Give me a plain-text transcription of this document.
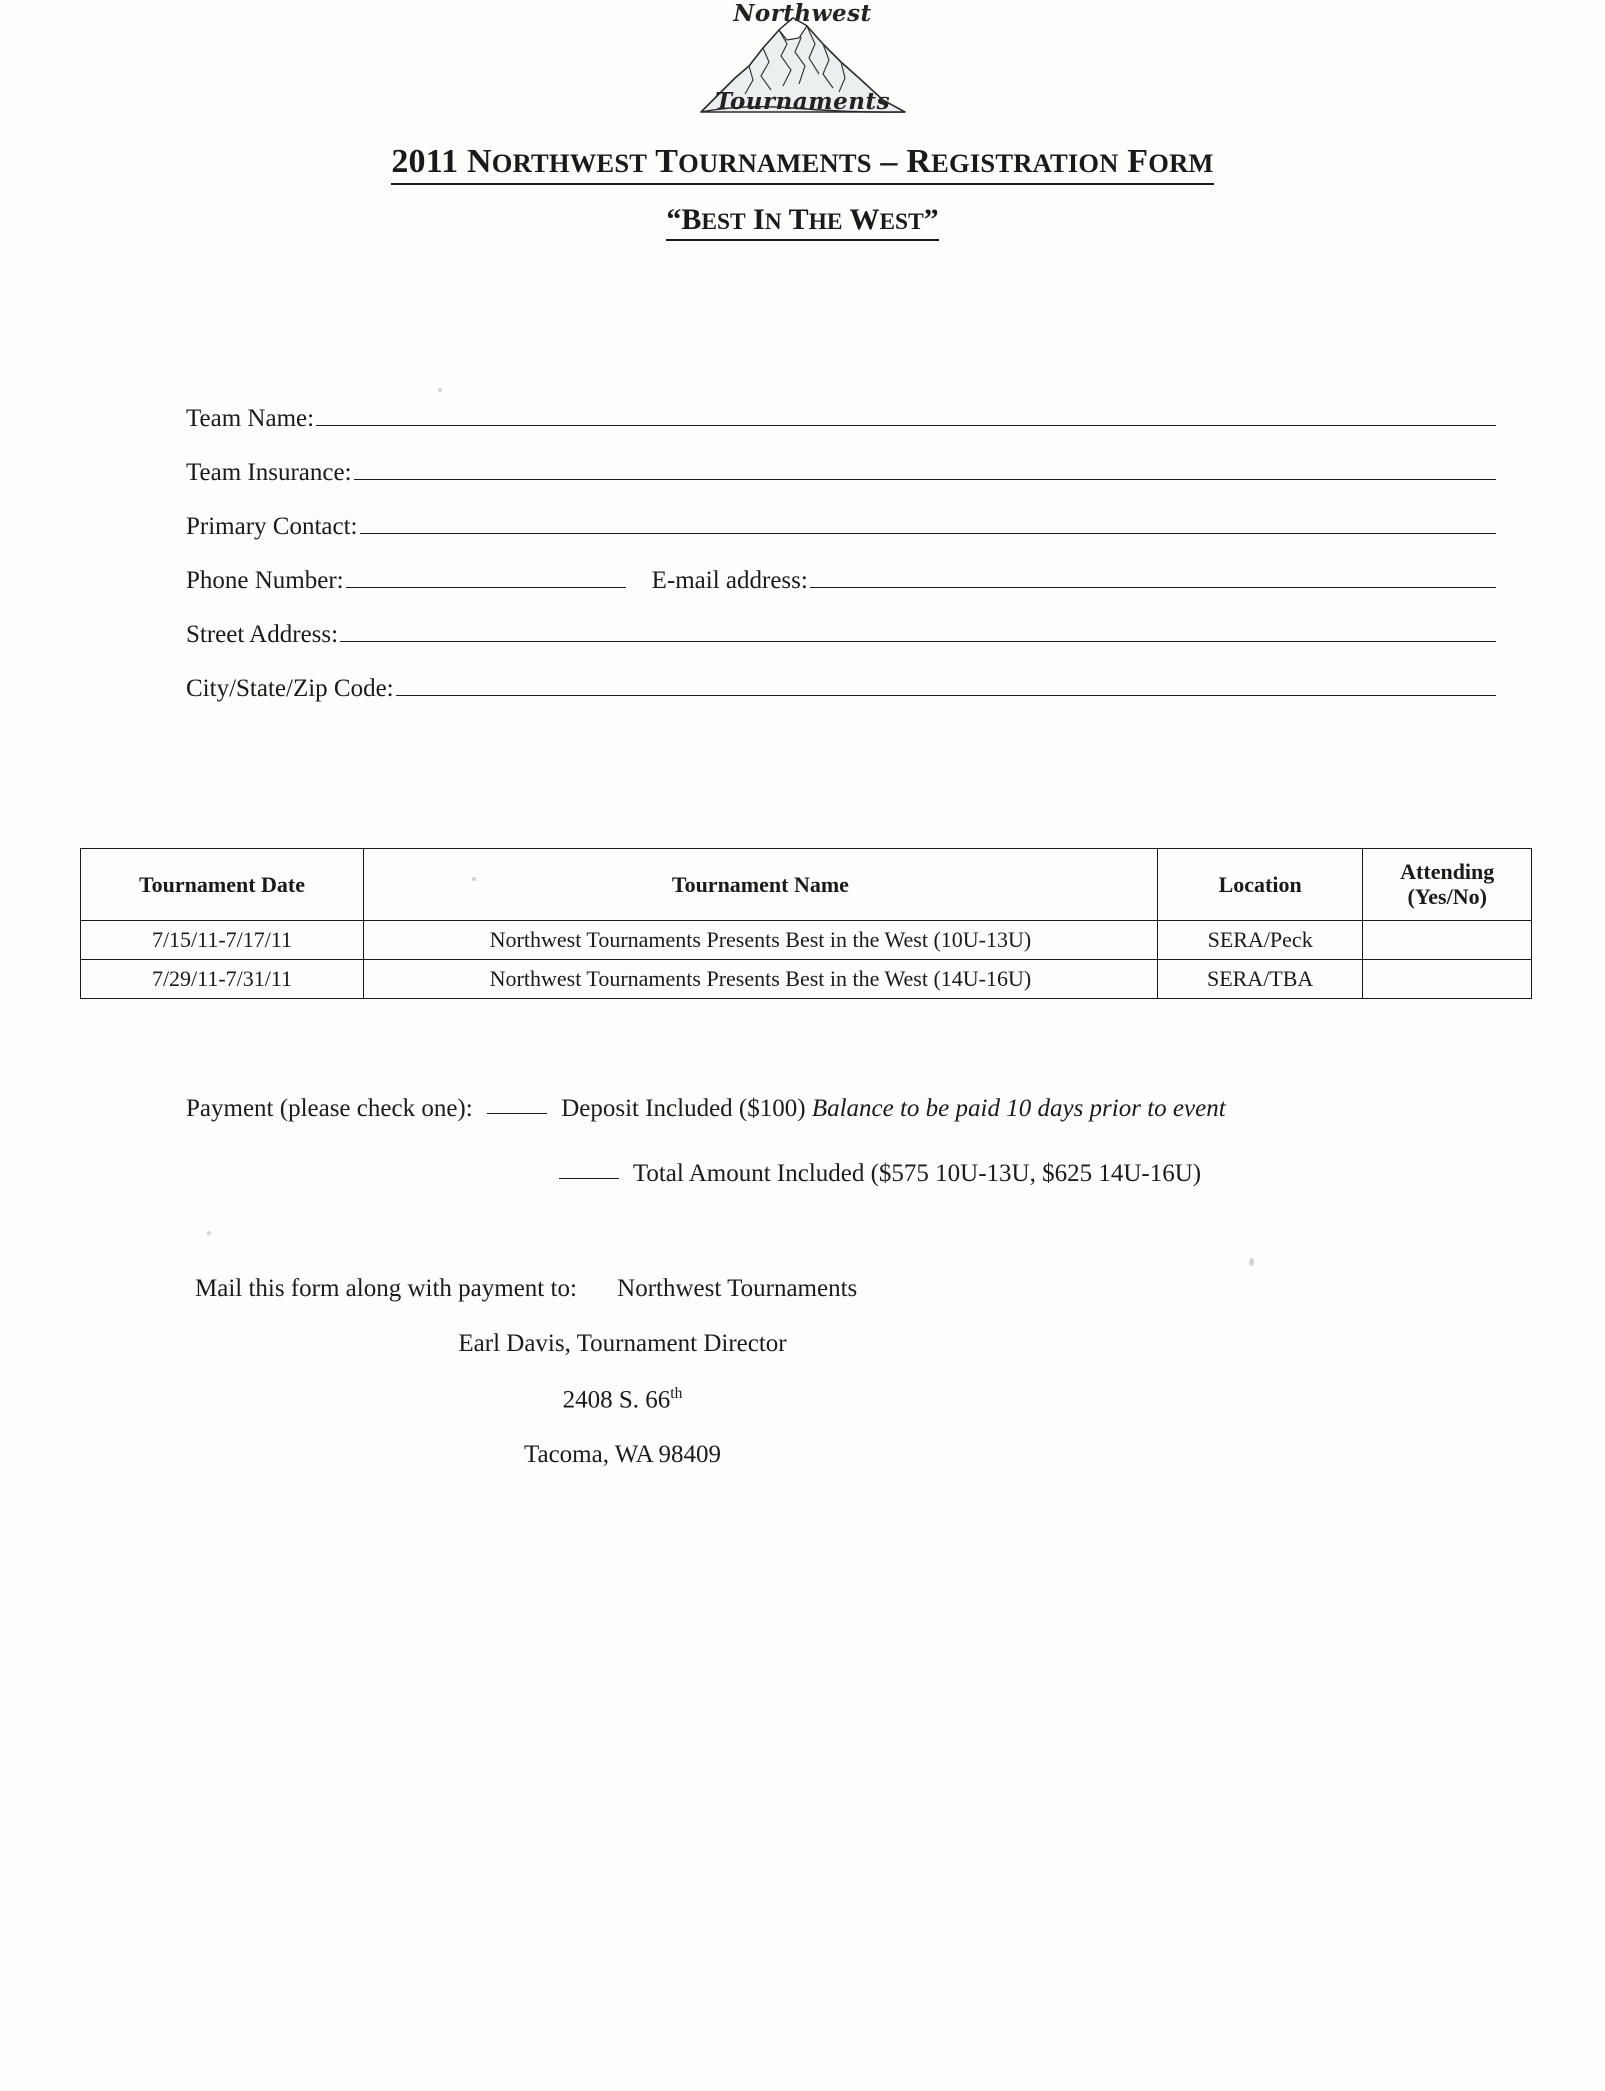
Northwest
Tournaments
2011 NORTHWEST TOURNAMENTS – REGISTRATION FORM
“BEST IN THE WEST”
Team Name:
Team Insurance:
Primary Contact:
Phone Number:	E-mail address:
Street Address:
City/State/Zip Code:
Tournament Date	Tournament Name	Location	Attending
(Yes/No)

7/15/11-7/17/11	Northwest Tournaments Presents Best in the West (10U-13U)	SERA/Peck	
7/29/11-7/31/11	Northwest Tournaments Presents Best in the West (14U-16U)	SERA/TBA	
Payment (please check one):	Deposit Included ($100) Balance to be paid 10 days prior to event
Total Amount Included ($575 10U-13U, $625 14U-16U)
Mail this form along with payment to: Northwest Tournaments
Earl Davis, Tournament Director
2408 S. 66th
Tacoma, WA 98409
